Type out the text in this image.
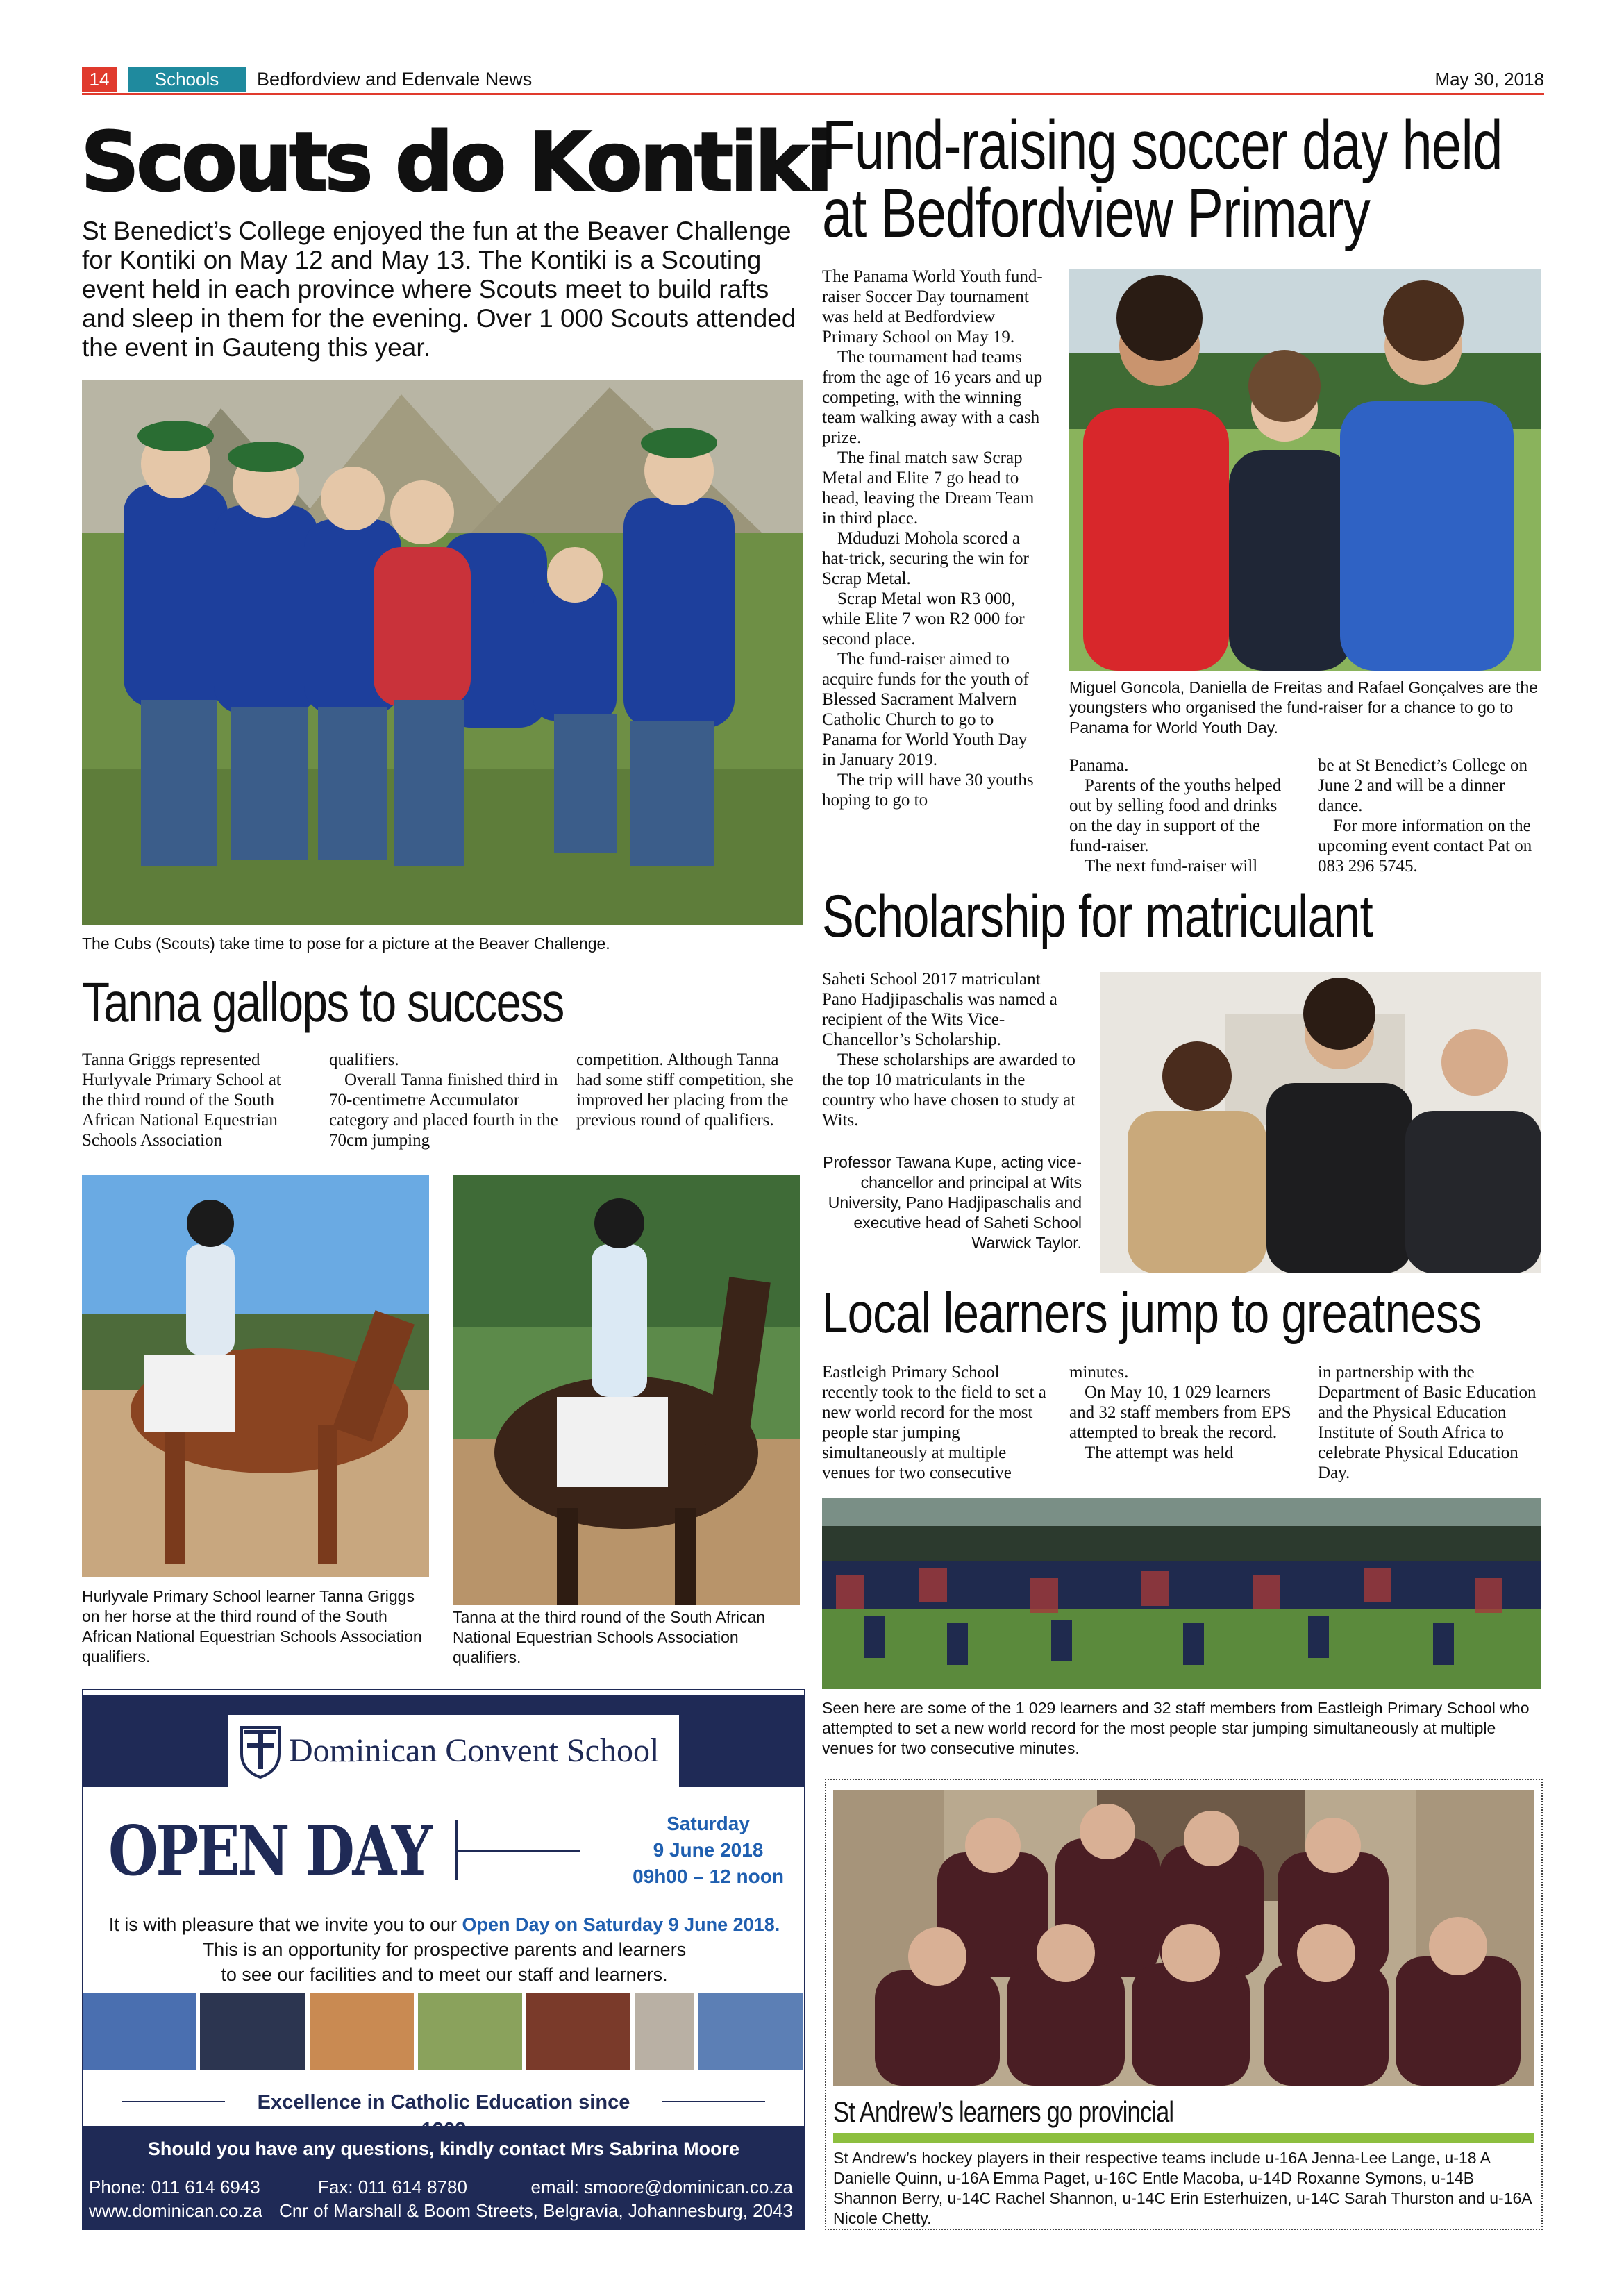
14	Schools	Bedfordview and Edenvale News	May 30, 2018
Scouts do Kontiki
St Benedict’s College enjoyed the fun at the Beaver Challenge for Kontiki on May 12 and May 13. The Kontiki is a Scouting event held in each province where Scouts meet to build rafts and sleep in them for the evening. Over 1 000 Scouts attended the event in Gauteng this year.
The Cubs (Scouts) take time to pose for a picture at the Beaver Challenge.
Tanna gallops to success
Tanna Griggs represented Hurlyvale Primary School at the third round of the South African National Equestrian Schools Association

qualifiers.

Overall Tanna finished third in 70-centimetre Accumulator category and placed fourth in the 70cm jumping

competition. Although Tanna had some stiff competition, she improved her placing from the previous round of qualifiers.
Hurlyvale Primary School learner Tanna Griggs on her horse at the third round of the South African National Equestrian Schools Association qualifiers.
Tanna at the third round of the South African National Equestrian Schools Association qualifiers.
Fund-raising soccer day held
at Bedfordview Primary

The Panama World Youth fund-raiser Soccer Day tournament was held at Bedfordview Primary School on May 19.

The tournament had teams from the age of 16 years and up competing, with the winning team walking away with a cash prize.

The final match saw Scrap Metal and Elite 7 go head to head, leaving the Dream Team in third place.

Mduduzi Mohola scored a hat-trick, securing the win for Scrap Metal.

Scrap Metal won R3 000, while Elite 7 won R2 000 for second place.

The fund-raiser aimed to acquire funds for the youth of Blessed Sacrament Malvern Catholic Church to go to Panama for World Youth Day in January 2019.

The trip will have 30 youths hoping to go to

Miguel Goncola, Daniella de Freitas and Rafael Gonçalves are the youngsters who organised the fund-raiser for a chance to go to Panama for World Youth Day.

Panama.

Parents of the youths helped out by selling food and drinks on the day in support of the fund-raiser.

The next fund-raiser will

be at St Benedict’s College on June 2 and will be a dinner dance.

For more information on the upcoming event contact Pat on 083 296 5745.

Scholarship for matriculant

Saheti School 2017 matriculant Pano Hadjipaschalis was named a recipient of the Wits Vice-Chancellor’s Scholarship.

These scholarships are awarded to the top 10 matriculants in the country who have chosen to study at Wits.

Professor Tawana Kupe, acting vice-chancellor and principal at Wits University, Pano Hadjipaschalis and executive head of Saheti School Warwick Taylor.
Local learners jump to greatness
Eastleigh Primary School recently took to the field to set a new world record for the most people star jumping simultaneously at multiple venues for two consecutive

minutes.

On May 10, 1 029 learners and 32 staff members from EPS attempted to break the record.

The attempt was held

in partnership with the Department of Basic Education and the Physical Education Institute of South Africa to celebrate Physical Education Day.
Seen here are some of the 1 029 learners and 32 staff members from Eastleigh Primary School who attempted to set a new world record for the most people star jumping simultaneously at multiple venues for two consecutive minutes.
Dominican Convent School
OPEN DAY	Saturday
9 June 2018
09h00 – 12 noon
It is with pleasure that we invite you to our Open Day on Saturday 9 June 2018.
This is an opportunity for prospective parents and learners
to see our facilities and to meet our staff and learners.
Excellence in Catholic Education since
Should you have any questions, kindly contact Mrs Sabrina Moore
Phone: 011 614 6943	Fax: 011 614 8780	email: smoore@dominican.co.za
www.dominican.co.za Cnr of Marshall & Boom Streets, Belgravia, Johannesburg, 2043
St Andrew’s learners go provincial
St Andrew’s hockey players in their respective teams include u-16A Jenna-Lee Lange, u-18 A Danielle Quinn, u-16A Emma Paget, u-16C Entle Macoba, u-14D Roxanne Symons, u-14B Shannon Berry, u-14C Rachel Shannon, u-14C Erin Esterhuizen, u-14C Sarah Thurston and u-16A Nicole Chetty.
